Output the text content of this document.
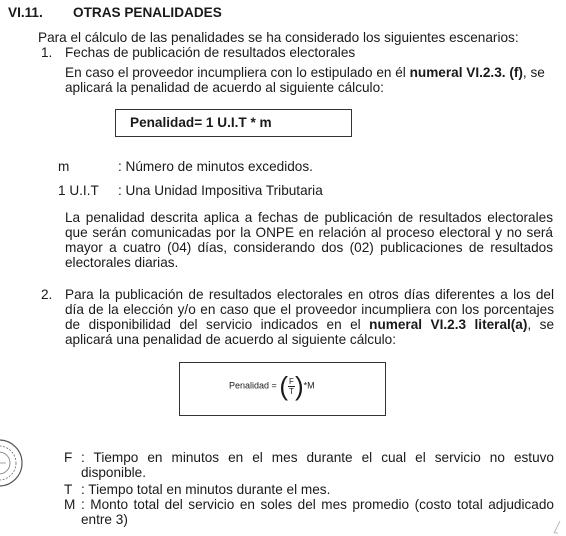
VI.11. OTRAS PENALIDADES
Para el cálculo de las penalidades se ha considerado los siguientes escenarios:
1. Fechas de publicación de resultados electorales
En caso el proveedor incumpliera con lo estipulado en él numeral VI.2.3. (f), se
aplicará la penalidad de acuerdo al siguiente cálculo:
Penalidad= 1 U.I.T * m
m	: Número de minutos excedidos.
1 U.I.T : Una Unidad Impositiva Tributaria
La penalidad descrita aplica a fechas de publicación de resultados electorales que serán comunicadas por la ONPE en relación al proceso electoral y no será mayor a cuatro (04) días, considerando dos (02) publicaciones de resultados electorales diarias.
2. Para la publicación de resultados electorales en otros días diferentes a los del día de la elección y/o en caso que el proveedor incumpliera con los porcentajes de disponibilidad del servicio indicados en el numeral VI.2.3 literal(a), se aplicará una penalidad de acuerdo al siguiente cálculo:
Penalidad = ( $\frac{F}{T} )*M$
F : Tiempo en minutos en el mes durante el cual el servicio no estuvo disponible.
T : Tiempo total en minutos durante el mes.
M : Monto total del servicio en soles del mes promedio (costo total adjudicado entre 3)
